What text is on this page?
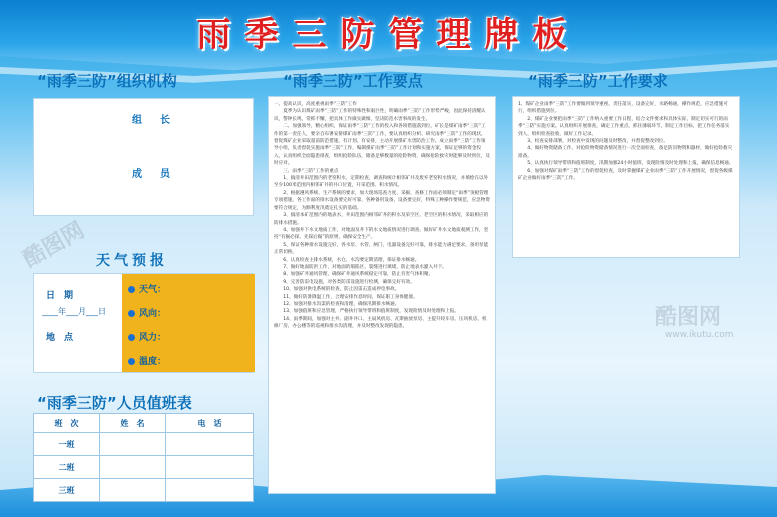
雨季三防管理牌板
“雨季三防”组织机构
组　长
成　员
“雨季三防”工作要点
一、提高认识，高度重视雨季“三防”工作
　　夏季为认识煤矿雨季“三防”工作的特殊性和艰巨性，明确雨季“三防”工作形势严峻，因此保持清醒认识，警钟长鸣，常抓不懈，把具体工作做实做细，坚决防范水害事故的发生。
　　二、加强领导，精心组织，保证雨季“三防”工作的投入和各项措施落到位。矿长是煤矿雨季“三防”工作的第一责任人，要亲自布署安排煤矿雨季“三防”工作，要认真组织分析、研究雨季“三防”工作的现状，督促煤矿企业采取超前防范措施，有计划、有安排，主动开展煤矿水害防治工作。成立雨季“三防”工作领导小组，负责督促实施雨季“三防”工作，编制煤矿雨季“三防”工作计划和实施方案，保证足够的资金投入，认真组织全面隐患排查，组织抢险队伍，储备足够数量的抢险物资，确保抢险救灾时能够及时到位，及时应对。
　　三、雨季“三防”工作的重点
　　1、搞清井田范围内的老窑积水，定期检查，调查和统计相邻矿井及废弃老窑积水情况，并填绘在以外至少100米范围内相邻矿井的井口位置，开采范围、积水情况。
　　2、根据遵风系统、生产系统的要求，加大现场巡查力度，采掘、查修工作面必须制定“雨季”顶板管理专项措施，各工作面的排水设备要完好可靠，各种备用设备、设备要完好，特殊工种操作要规范，应急物资要符合规定，为顺利度汛奠定扎实的基础。
　　3、搞清本矿范围内的地表水，井田范围内相邻矿井的积水及采空区、老空区的积水情况，采取相应的防排水措施。
　　4、加强井下水文地质工作，对地面及井下的水文地质情况进行调查，做好矿井水文地质观测工作，坚持“有掘必探，先探后掘”的原则，确保安全生产。
　　5、保证各种排水设施完好，各水泵、水管、闸门、电器设备完好可靠，排水能力满足要求，备用泵能正常切换。
　　6、认真检查主排水系统，水仓、水沟要定期清理，保证排水畅通。
　　7、做好地面防洪工作，对地面的塌陷区、裂缝进行填堵，防止地表水灌入井下。
　　8、加强矿井通风管理，确保矿井通风系统稳定可靠，防止有害气体积聚。
　　9、完善防雷电设施，对各类防雷设施进行检测，确保完好有效。
　　10、加强对供电系统的检查，防止因雷击造成停电事故。
　　11、做好防暑降温工作，合理安排作息时间，保证职工身体健康。
　　12、加强对排水沟渠的检查和清理，确保汛期排水畅通。
　　13、加强值班和应急管理，严格执行领导带班和值班制度，发现险情及时处理和上报。
　　14、雨季期间，加强对主井、副井井口、主扇风机房、瓦斯抽放泵房、主提升绞车房、压风机房、机修厂房、办公楼等的巡视和排水沟清理，并及时整改发现的隐患。
“雨季三防”工作要求
1、煤矿企业雨季“三防”工作要做到领导重视，责任落实，设备完好，水路畅通，操作规范，应急措施可行，组织措施到位。
　　2、煤矿企业要把雨季“三防”工作纳入重要工作日程，结合文件要求和具体实际，制定切实可行的雨季“三防”实施方案。认真组织开展排查，确定工作重点，抓住薄弱环节，制定工作目标，把工作任务落实到人，组织检查验收，做好工作记录。
　　3、检查安排部署，对检查中发现的问题及时整改，并督促整改到位。
　　4、做好物资储备工作，对抢险物资储备情况进行一次全面检查，备足防汛物资和器材，做好抢险救灾准备。
　　5、认真执行领导带班和值班制度，汛期加强24小时值班，发现险情及时处理和上报，确保信息畅通。
　　6、加强对煤矿雨季“三防”工作的督促检查，及时掌握煤矿企业雨季“三防”工作开展情况，督促各级煤矿企业做好雨季“三防”工作。
天气预报
日　期
____年___月___日
地　点
天气：
风向：
风力：
温度：
“雨季三防”人员值班表
班　次	姓　名	电　话
一班		
二班		
三班		
酷图网
酷图网
www.ikutu.com
